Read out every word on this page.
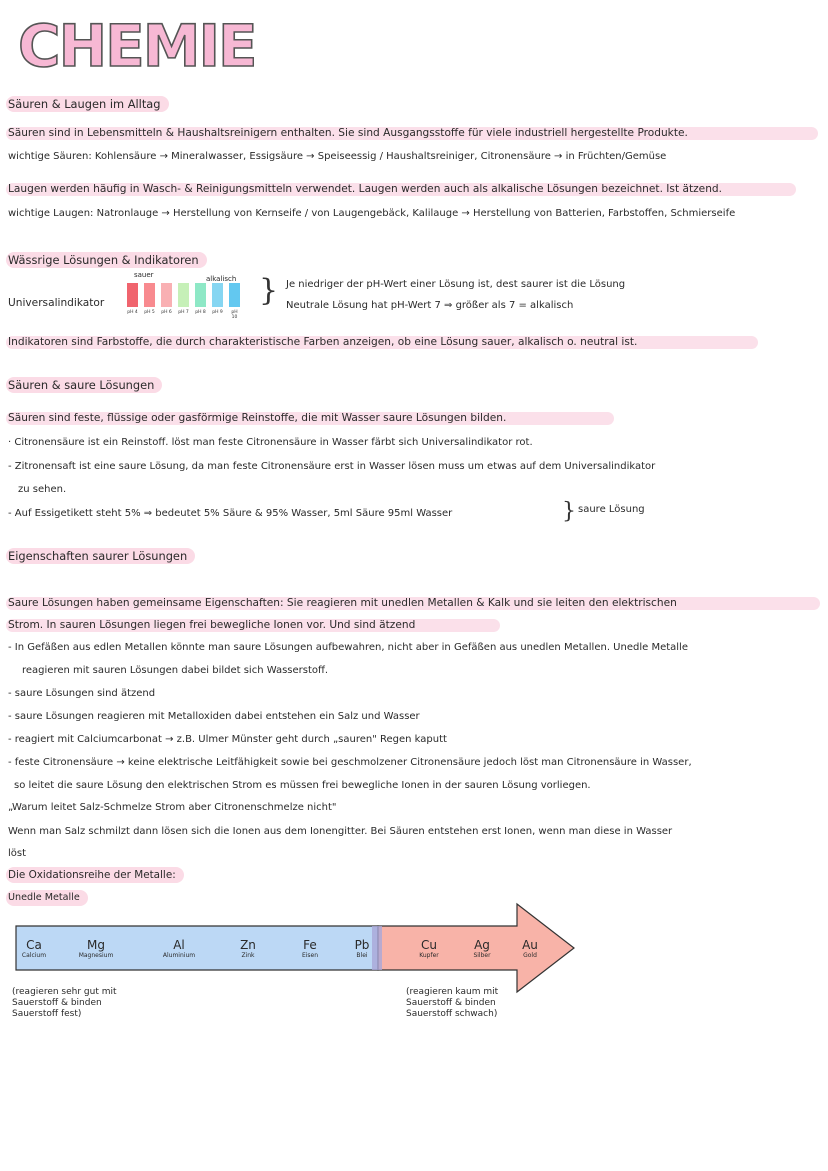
CHEMIE
Säuren & Laugen im Alltag
Säuren sind in Lebensmitteln & Haushaltsreinigern enthalten. Sie sind Ausgangsstoffe für viele industriell hergestellte Produkte.
wichtige Säuren: Kohlensäure → Mineralwasser, Essigsäure → Speiseessig / Haushaltsreiniger, Citronensäure → in Früchten/Gemüse
Laugen werden häufig in Wasch- & Reinigungsmitteln verwendet. Laugen werden auch als alkalische Lösungen bezeichnet. Ist ätzend.
wichtige Laugen: Natronlauge → Herstellung von Kernseife / von Laugengebäck, Kalilauge → Herstellung von Batterien, Farbstoffen, Schmierseife
Wässrige Lösungen & Indikatoren
sauer	alkalisch
Universalindikator
pH 4 pH 5 pH 6 pH 7 pH 8 pH 9	pH 10
} Je niedriger der pH-Wert einer Lösung ist, dest saurer ist die Lösung
Neutrale Lösung hat pH-Wert 7 ⇒ größer als 7 = alkalisch
Indikatoren sind Farbstoffe, die durch charakteristische Farben anzeigen, ob eine Lösung sauer, alkalisch o. neutral ist.
Säuren & saure Lösungen
Säuren sind feste, flüssige oder gasförmige Reinstoffe, die mit Wasser saure Lösungen bilden.
· Citronensäure ist ein Reinstoff. löst man feste Citronensäure in Wasser färbt sich Universalindikator rot.
- Zitronensaft ist eine saure Lösung, da man feste Citronensäure erst in Wasser lösen muss um etwas auf dem Universalindikator
zu sehen.
- Auf Essigetikett steht 5% ⇒ bedeutet 5% Säure & 95% Wasser, 5ml Säure 95ml Wasser	} saure Lösung
Eigenschaften saurer Lösungen
Saure Lösungen haben gemeinsame Eigenschaften: Sie reagieren mit unedlen Metallen & Kalk und sie leiten den elektrischen
Strom. In sauren Lösungen liegen frei bewegliche Ionen vor. Und sind ätzend
- In Gefäßen aus edlen Metallen könnte man saure Lösungen aufbewahren, nicht aber in Gefäßen aus unedlen Metallen. Unedle Metalle
reagieren mit sauren Lösungen dabei bildet sich Wasserstoff.
- saure Lösungen sind ätzend
- saure Lösungen reagieren mit Metalloxiden dabei entstehen ein Salz und Wasser
- reagiert mit Calciumcarbonat → z.B. Ulmer Münster geht durch „sauren" Regen kaputt
- feste Citronensäure → keine elektrische Leitfähigkeit sowie bei geschmolzener Citronensäure jedoch löst man Citronensäure in Wasser,
so leitet die saure Lösung den elektrischen Strom es müssen frei bewegliche Ionen in der sauren Lösung vorliegen.
„Warum leitet Salz-Schmelze Strom aber Citronenschmelze nicht"
Wenn man Salz schmilzt dann lösen sich die Ionen aus dem Ionengitter. Bei Säuren entstehen erst Ionen, wenn man diese in Wasser
löst
Die Oxidationsreihe der Metalle:
Unedle Metalle
Ca
Calcium
Mg
Magnesium
Al
Aluminium
Zn
Zink
Fe
Eisen
Pb
Blei
Cu
Kupfer
Ag
Silber
Au
Gold
(reagieren sehr gut mit
Sauerstoff & binden
Sauerstoff fest)
(reagieren kaum mit
Sauerstoff & binden
Sauerstoff schwach)
